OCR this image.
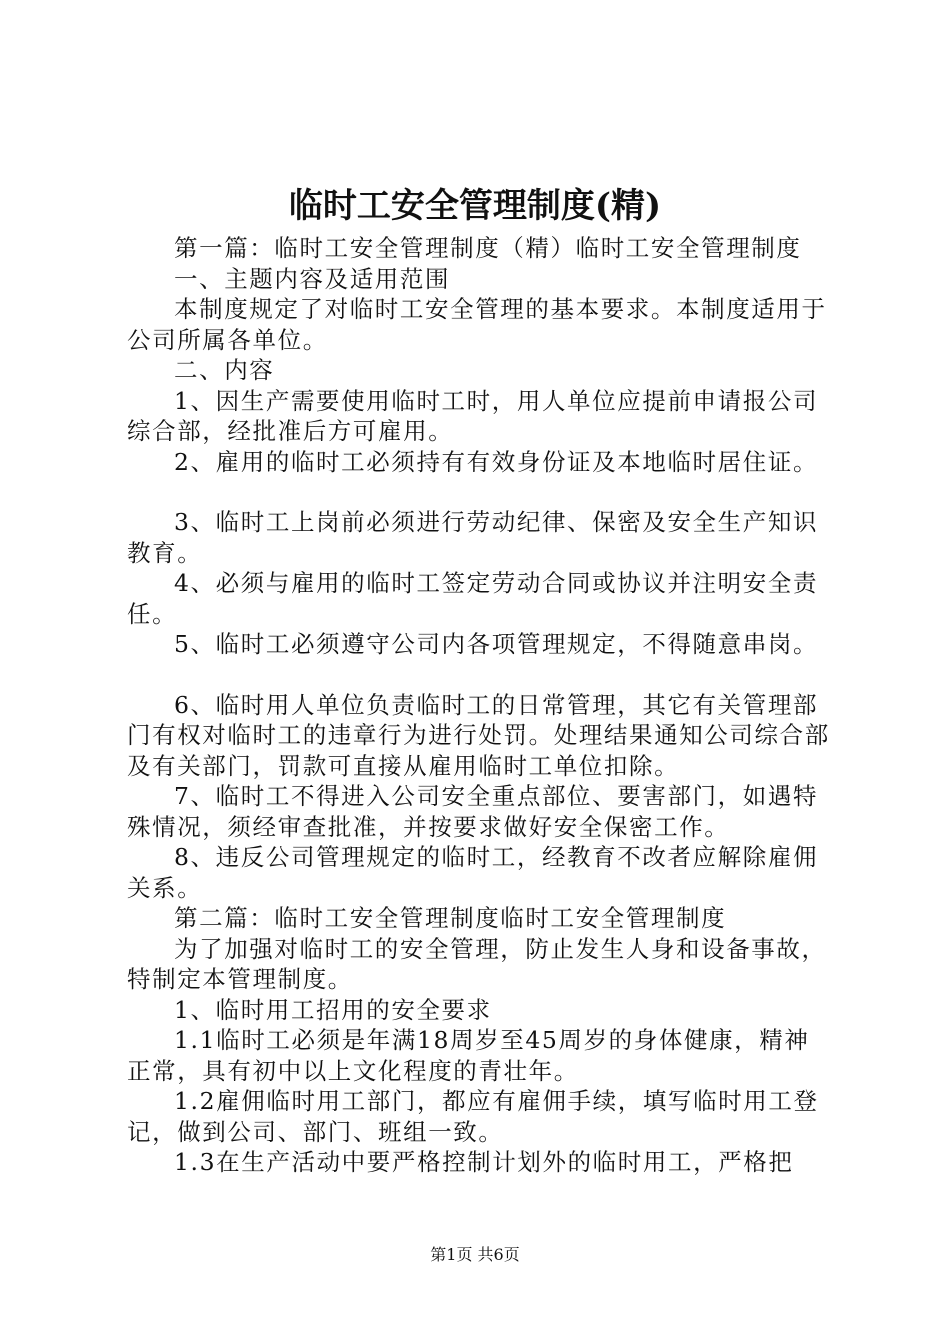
临时工安全管理制度(精)

第一篇：临时工安全管理制度（精）临时工安全管理制度

一、主题内容及适用范围

本制度规定了对临时工安全管理的基本要求。本制度适用于公司所属各单位。

二、内容

1、因生产需要使用临时工时，用人单位应提前申请报公司综合部，经批准后方可雇用。

2、雇用的临时工必须持有有效身份证及本地临时居住证。

3、临时工上岗前必须进行劳动纪律、保密及安全生产知识教育。

4、必须与雇用的临时工签定劳动合同或协议并注明安全责任。

5、临时工必须遵守公司内各项管理规定，不得随意串岗。

6、临时用人单位负责临时工的日常管理，其它有关管理部门有权对临时工的违章行为进行处罚。处理结果通知公司综合部及有关部门，罚款可直接从雇用临时工单位扣除。

7、临时工不得进入公司安全重点部位、要害部门，如遇特殊情况，须经审查批准，并按要求做好安全保密工作。

8、违反公司管理规定的临时工，经教育不改者应解除雇佣关系。

第二篇：临时工安全管理制度临时工安全管理制度

为了加强对临时工的安全管理，防止发生人身和设备事故，特制定本管理制度。

1、临时用工招用的安全要求

1.1临时工必须是年满18周岁至45周岁的身体健康，精神正常，具有初中以上文化程度的青壮年。

1.2雇佣临时用工部门，都应有雇佣手续，填写临时用工登记，做到公司、部门、班组一致。

1.3在生产活动中要严格控制计划外的临时用工，严格把

第1页 共6页
